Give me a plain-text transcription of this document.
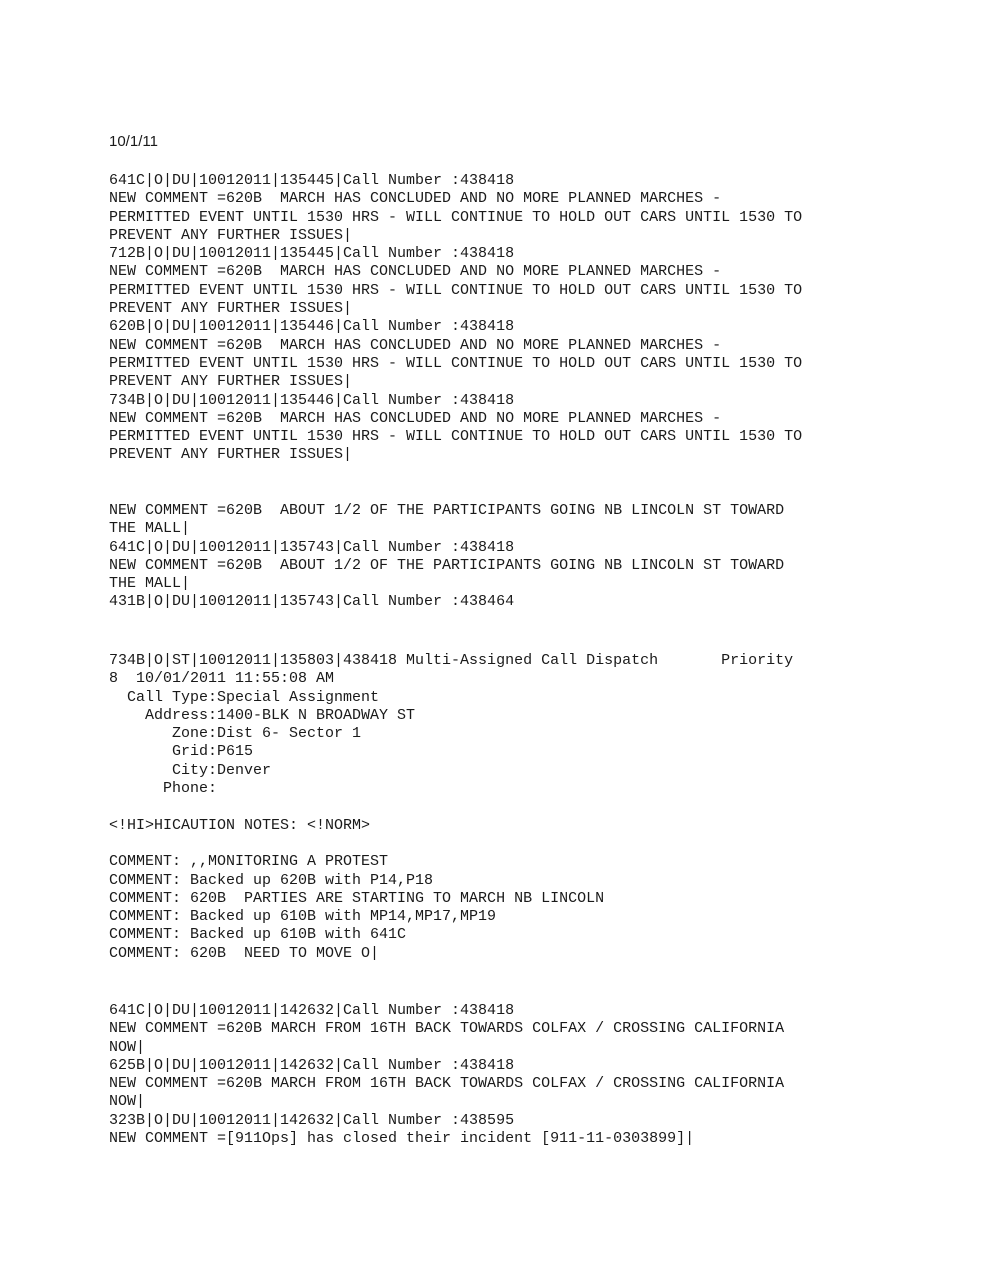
10/1/11

641C|O|DU|10012011|135445|Call Number :438418
NEW COMMENT =620B  MARCH HAS CONCLUDED AND NO MORE PLANNED MARCHES -
PERMITTED EVENT UNTIL 1530 HRS - WILL CONTINUE TO HOLD OUT CARS UNTIL 1530 TO
PREVENT ANY FURTHER ISSUES|
712B|O|DU|10012011|135445|Call Number :438418
NEW COMMENT =620B  MARCH HAS CONCLUDED AND NO MORE PLANNED MARCHES -
PERMITTED EVENT UNTIL 1530 HRS - WILL CONTINUE TO HOLD OUT CARS UNTIL 1530 TO
PREVENT ANY FURTHER ISSUES|
620B|O|DU|10012011|135446|Call Number :438418
NEW COMMENT =620B  MARCH HAS CONCLUDED AND NO MORE PLANNED MARCHES -
PERMITTED EVENT UNTIL 1530 HRS - WILL CONTINUE TO HOLD OUT CARS UNTIL 1530 TO
PREVENT ANY FURTHER ISSUES|
734B|O|DU|10012011|135446|Call Number :438418
NEW COMMENT =620B  MARCH HAS CONCLUDED AND NO MORE PLANNED MARCHES -
PERMITTED EVENT UNTIL 1530 HRS - WILL CONTINUE TO HOLD OUT CARS UNTIL 1530 TO
PREVENT ANY FURTHER ISSUES|
NEW COMMENT =620B  ABOUT 1/2 OF THE PARTICIPANTS GOING NB LINCOLN ST TOWARD
THE MALL|
641C|O|DU|10012011|135743|Call Number :438418
NEW COMMENT =620B  ABOUT 1/2 OF THE PARTICIPANTS GOING NB LINCOLN ST TOWARD
THE MALL|
431B|O|DU|10012011|135743|Call Number :438464
734B|O|ST|10012011|135803|438418 Multi-Assigned Call Dispatch       Priority
8  10/01/2011 11:55:08 AM
Call Type:Special Assignment
Address:1400-BLK N BROADWAY ST
Zone:Dist 6- Sector 1
Grid:P615
City:Denver
Phone:
<!HI>HICAUTION NOTES: <!NORM>
COMMENT: ,,MONITORING A PROTEST
COMMENT: Backed up 620B with P14,P18
COMMENT: 620B  PARTIES ARE STARTING TO MARCH NB LINCOLN
COMMENT: Backed up 610B with MP14,MP17,MP19
COMMENT: Backed up 610B with 641C
COMMENT: 620B  NEED TO MOVE O|
641C|O|DU|10012011|142632|Call Number :438418
NEW COMMENT =620B MARCH FROM 16TH BACK TOWARDS COLFAX / CROSSING CALIFORNIA
NOW|
625B|O|DU|10012011|142632|Call Number :438418
NEW COMMENT =620B MARCH FROM 16TH BACK TOWARDS COLFAX / CROSSING CALIFORNIA
NOW|
323B|O|DU|10012011|142632|Call Number :438595
NEW COMMENT =[911Ops] has closed their incident [911-11-0303899]|
